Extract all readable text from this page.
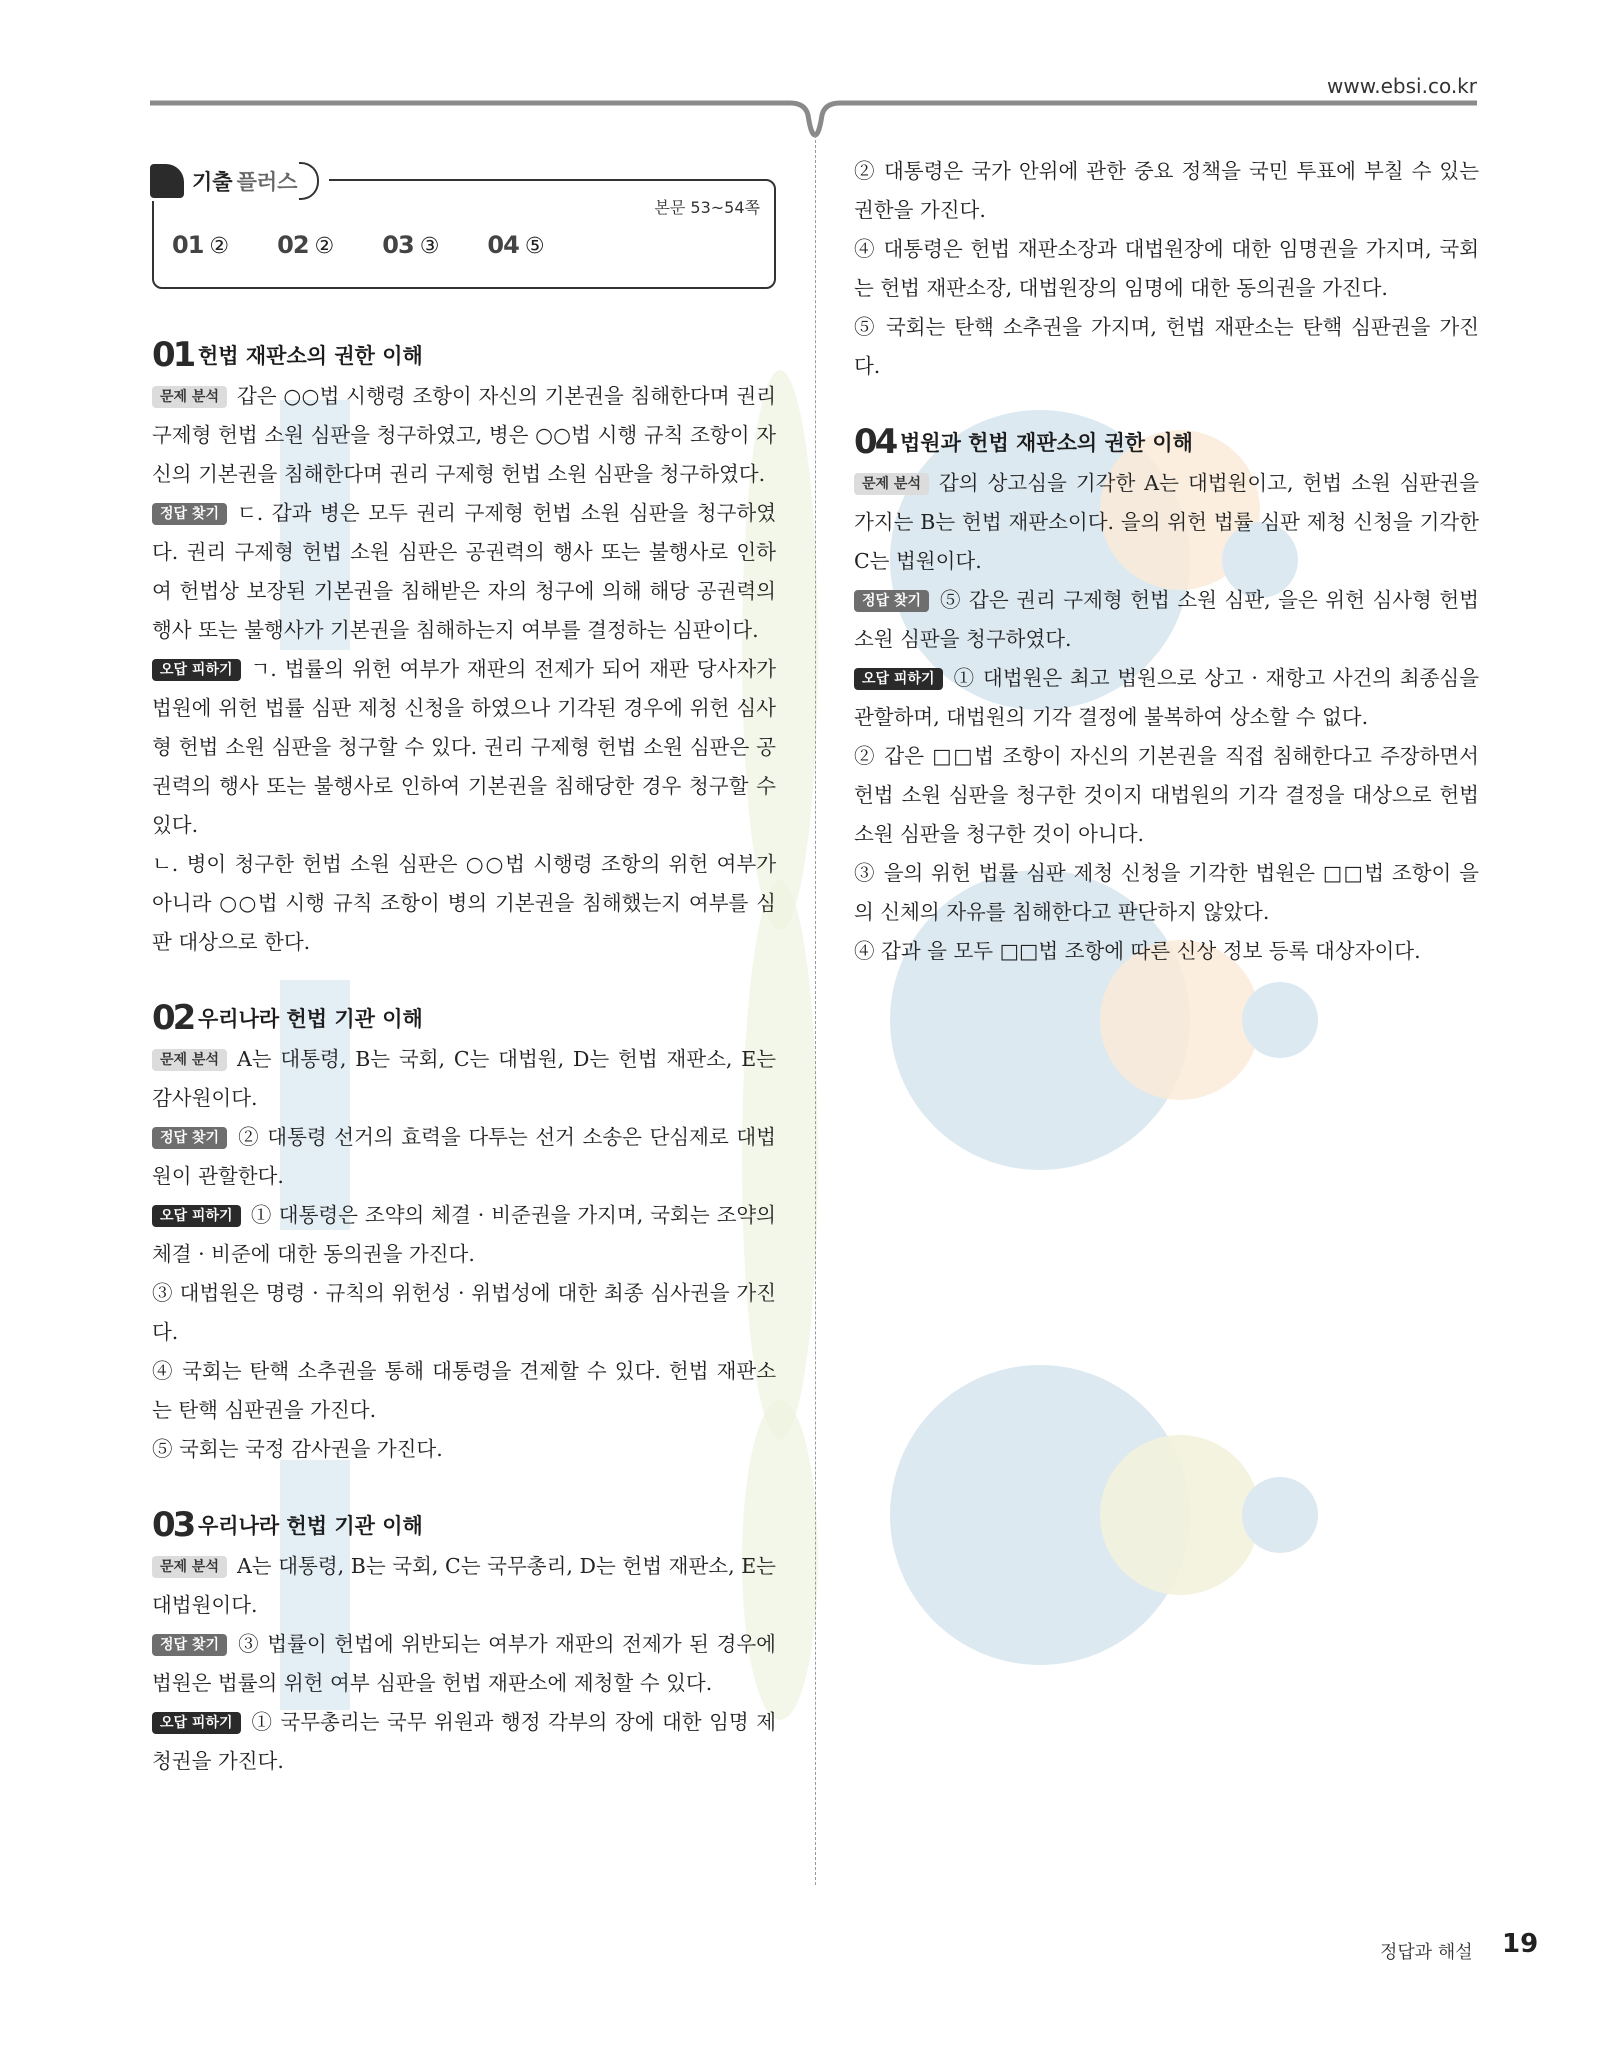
www.ebsi.co.kr
기출 플러스
본문 53~54쪽
01 ② 02 ② 03 ③ 04 ⑤
01 헌법 재판소의 권한 이해

문제 분석 갑은 ○○법 시행령 조항이 자신의 기본권을 침해한다며 권리 구제형 헌법 소원 심판을 청구하였고, 병은 ○○법 시행 규칙 조항이 자신의 기본권을 침해한다며 권리 구제형 헌법 소원 심판을 청구하였다.

정답 찾기 ㄷ. 갑과 병은 모두 권리 구제형 헌법 소원 심판을 청구하였다. 권리 구제형 헌법 소원 심판은 공권력의 행사 또는 불행사로 인하여 헌법상 보장된 기본권을 침해받은 자의 청구에 의해 해당 공권력의 행사 또는 불행사가 기본권을 침해하는지 여부를 결정하는 심판이다.

오답 피하기 ㄱ. 법률의 위헌 여부가 재판의 전제가 되어 재판 당사자가 법원에 위헌 법률 심판 제청 신청을 하였으나 기각된 경우에 위헌 심사형 헌법 소원 심판을 청구할 수 있다. 권리 구제형 헌법 소원 심판은 공권력의 행사 또는 불행사로 인하여 기본권을 침해당한 경우 청구할 수 있다.

ㄴ. 병이 청구한 헌법 소원 심판은 ○○법 시행령 조항의 위헌 여부가 아니라 ○○법 시행 규칙 조항이 병의 기본권을 침해했는지 여부를 심판 대상으로 한다.

02 우리나라 헌법 기관 이해

문제 분석 A는 대통령, B는 국회, C는 대법원, D는 헌법 재판소, E는 감사원이다.

정답 찾기 ② 대통령 선거의 효력을 다투는 선거 소송은 단심제로 대법원이 관할한다.

오답 피하기 ① 대통령은 조약의 체결 · 비준권을 가지며, 국회는 조약의 체결 · 비준에 대한 동의권을 가진다.

③ 대법원은 명령 · 규칙의 위헌성 · 위법성에 대한 최종 심사권을 가진다.

④ 국회는 탄핵 소추권을 통해 대통령을 견제할 수 있다. 헌법 재판소는 탄핵 심판권을 가진다.

⑤ 국회는 국정 감사권을 가진다.

03 우리나라 헌법 기관 이해

문제 분석 A는 대통령, B는 국회, C는 국무총리, D는 헌법 재판소, E는 대법원이다.

정답 찾기 ③ 법률이 헌법에 위반되는 여부가 재판의 전제가 된 경우에 법원은 법률의 위헌 여부 심판을 헌법 재판소에 제청할 수 있다.

오답 피하기 ① 국무총리는 국무 위원과 행정 각부의 장에 대한 임명 제청권을 가진다.

② 대통령은 국가 안위에 관한 중요 정책을 국민 투표에 부칠 수 있는 권한을 가진다.

④ 대통령은 헌법 재판소장과 대법원장에 대한 임명권을 가지며, 국회는 헌법 재판소장, 대법원장의 임명에 대한 동의권을 가진다.

⑤ 국회는 탄핵 소추권을 가지며, 헌법 재판소는 탄핵 심판권을 가진다.

04 법원과 헌법 재판소의 권한 이해

문제 분석 갑의 상고심을 기각한 A는 대법원이고, 헌법 소원 심판권을 가지는 B는 헌법 재판소이다. 을의 위헌 법률 심판 제청 신청을 기각한 C는 법원이다.

정답 찾기 ⑤ 갑은 권리 구제형 헌법 소원 심판, 을은 위헌 심사형 헌법 소원 심판을 청구하였다.

오답 피하기 ① 대법원은 최고 법원으로 상고 · 재항고 사건의 최종심을 관할하며, 대법원의 기각 결정에 불복하여 상소할 수 없다.

② 갑은 □□법 조항이 자신의 기본권을 직접 침해한다고 주장하면서 헌법 소원 심판을 청구한 것이지 대법원의 기각 결정을 대상으로 헌법 소원 심판을 청구한 것이 아니다.

③ 을의 위헌 법률 심판 제청 신청을 기각한 법원은 □□법 조항이 을의 신체의 자유를 침해한다고 판단하지 않았다.

④ 갑과 을 모두 □□법 조항에 따른 신상 정보 등록 대상자이다.

정답과 해설 19
